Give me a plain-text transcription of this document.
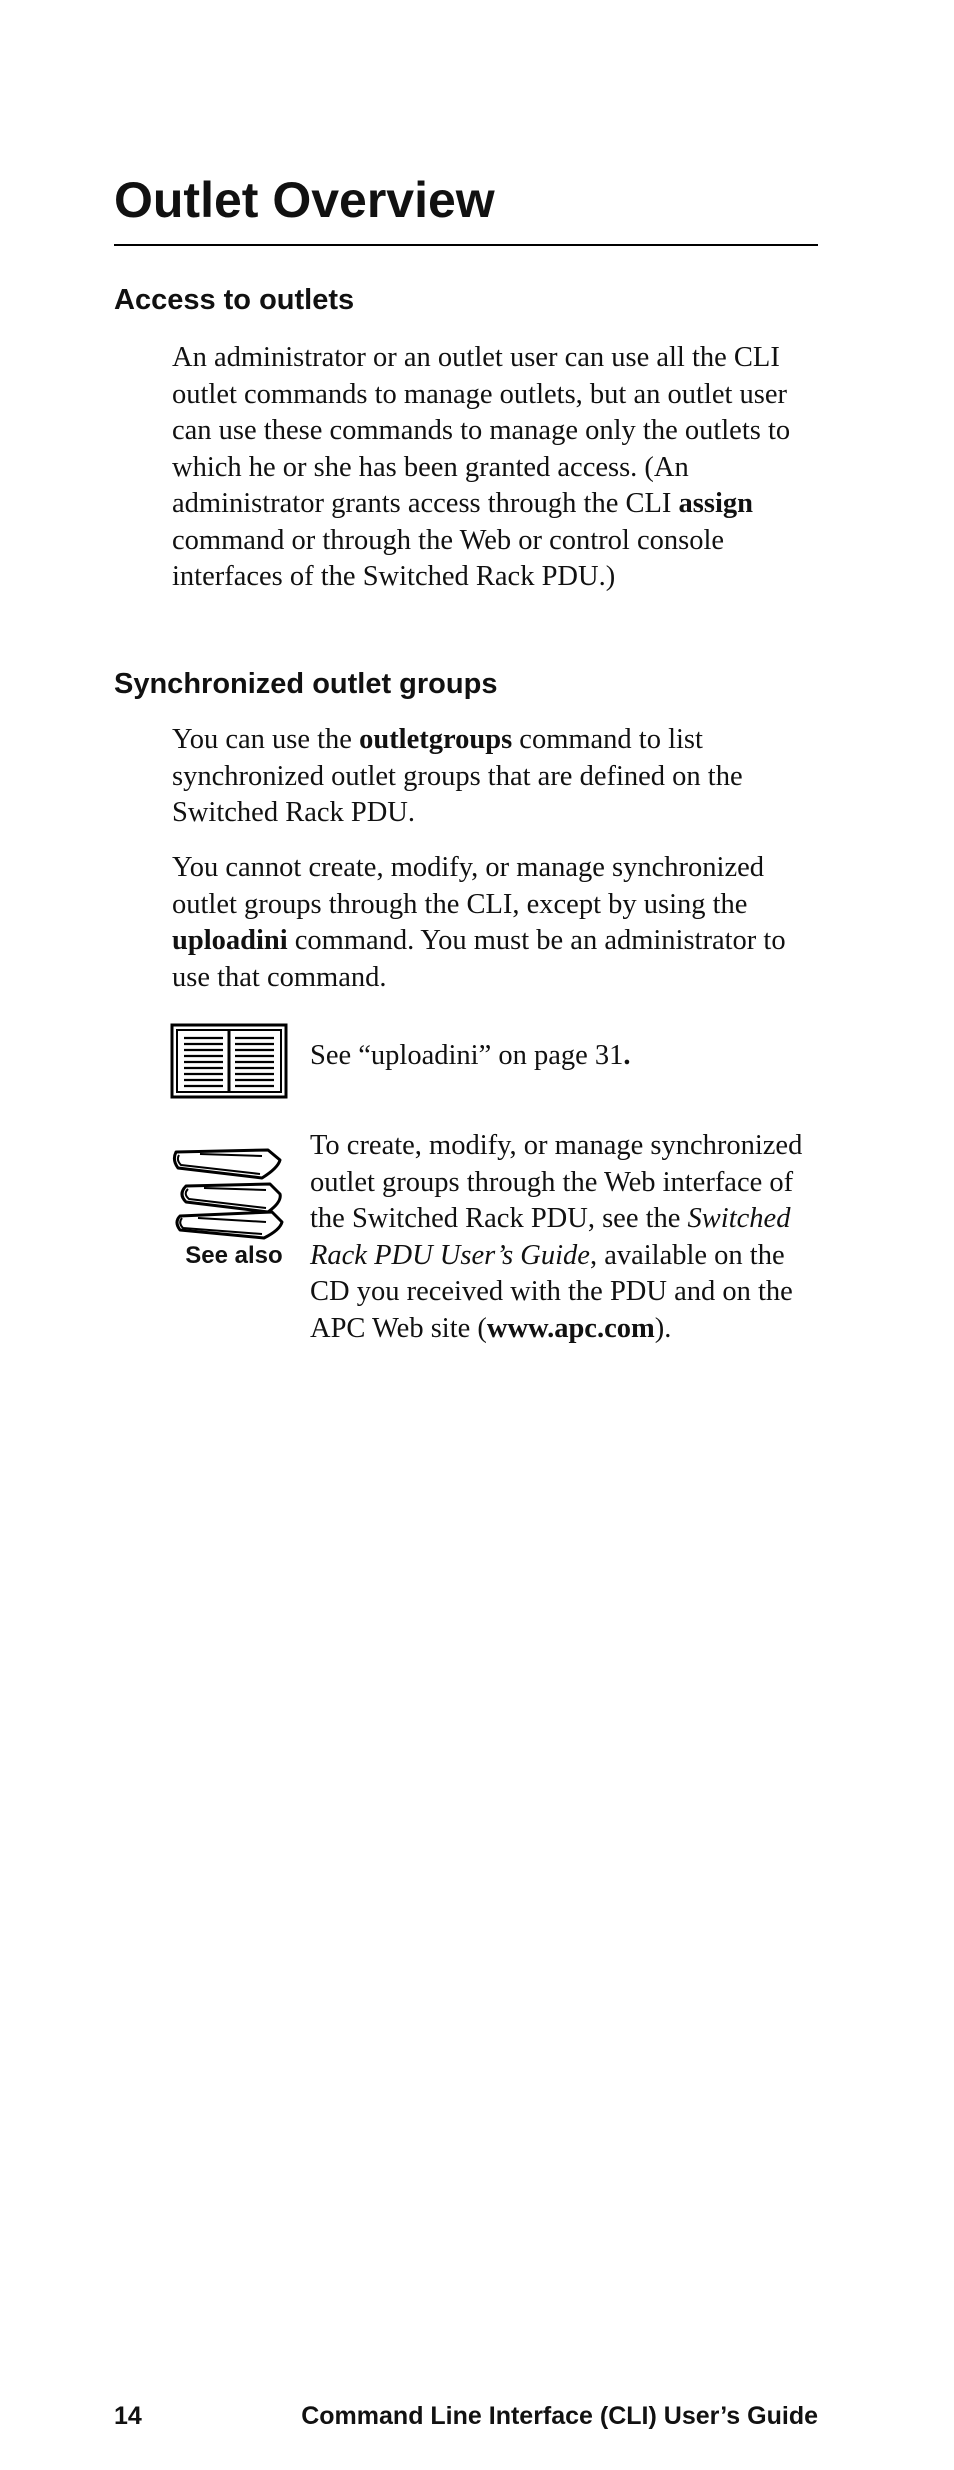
Outlet Overview
Access to outlets

An administrator or an outlet user can use all the CLI outlet commands to manage outlets, but an outlet user can use these commands to manage only the outlets to which he or she has been granted access. (An administrator grants access through the CLI assign command or through the Web or control console interfaces of the Switched Rack PDU.)

Synchronized outlet groups

You can use the outletgroups command to list synchronized outlet groups that are defined on the Switched Rack PDU.

You cannot create, modify, or manage synchronized outlet groups through the CLI, except by using the uploadini command. You must be an administrator to use that command.

See “uploadini” on page 31.

See also

To create, modify, or manage synchronized outlet groups through the Web interface of the Switched Rack PDU, see the Switched Rack PDU User’s Guide, available on the CD you received with the PDU and on the APC Web site (www.apc.com).

14	Command Line Interface (CLI) User’s Guide
